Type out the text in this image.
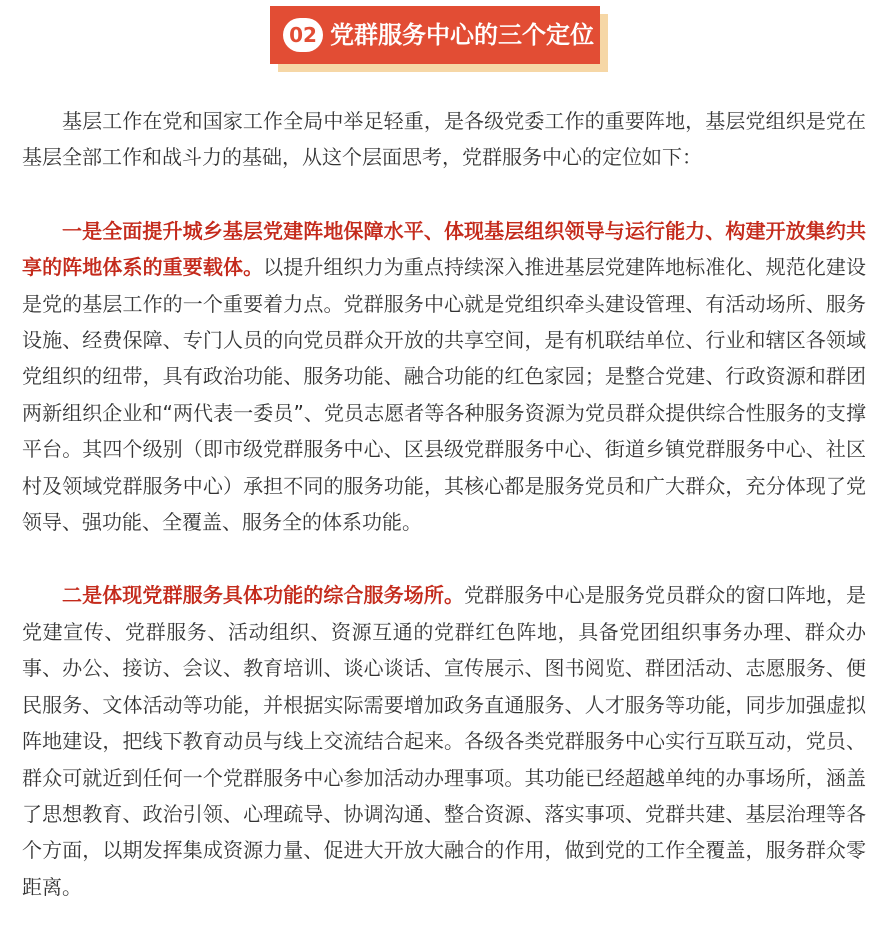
02 党群服务中心的三个定位

基层工作在党和国家工作全局中举足轻重，是各级党委工作的重要阵地，基层党组织是党在基层全部工作和战斗力的基础，从这个层面思考，党群服务中心的定位如下：

一是全面提升城乡基层党建阵地保障水平、体现基层组织领导与运行能力、构建开放集约共享的阵地体系的重要载体。以提升组织力为重点持续深入推进基层党建阵地标准化、规范化建设是党的基层工作的一个重要着力点。党群服务中心就是党组织牵头建设管理、有活动场所、服务设施、经费保障、专门人员的向党员群众开放的共享空间，是有机联结单位、行业和辖区各领域党组织的纽带，具有政治功能、服务功能、融合功能的红色家园；是整合党建、行政资源和群团两新组织企业和“两代表一委员”、党员志愿者等各种服务资源为党员群众提供综合性服务的支撑平台。其四个级别（即市级党群服务中心、区县级党群服务中心、街道乡镇党群服务中心、社区村及领域党群服务中心）承担不同的服务功能，其核心都是服务党员和广大群众，充分体现了党领导、强功能、全覆盖、服务全的体系功能。

二是体现党群服务具体功能的综合服务场所。党群服务中心是服务党员群众的窗口阵地，是党建宣传、党群服务、活动组织、资源互通的党群红色阵地，具备党团组织事务办理、群众办事、办公、接访、会议、教育培训、谈心谈话、宣传展示、图书阅览、群团活动、志愿服务、便民服务、文体活动等功能，并根据实际需要增加政务直通服务、人才服务等功能，同步加强虚拟阵地建设，把线下教育动员与线上交流结合起来。各级各类党群服务中心实行互联互动，党员、群众可就近到任何一个党群服务中心参加活动办理事项。其功能已经超越单纯的办事场所，涵盖了思想教育、政治引领、心理疏导、协调沟通、整合资源、落实事项、党群共建、基层治理等各个方面，以期发挥集成资源力量、促进大开放大融合的作用，做到党的工作全覆盖，服务群众零距离。
